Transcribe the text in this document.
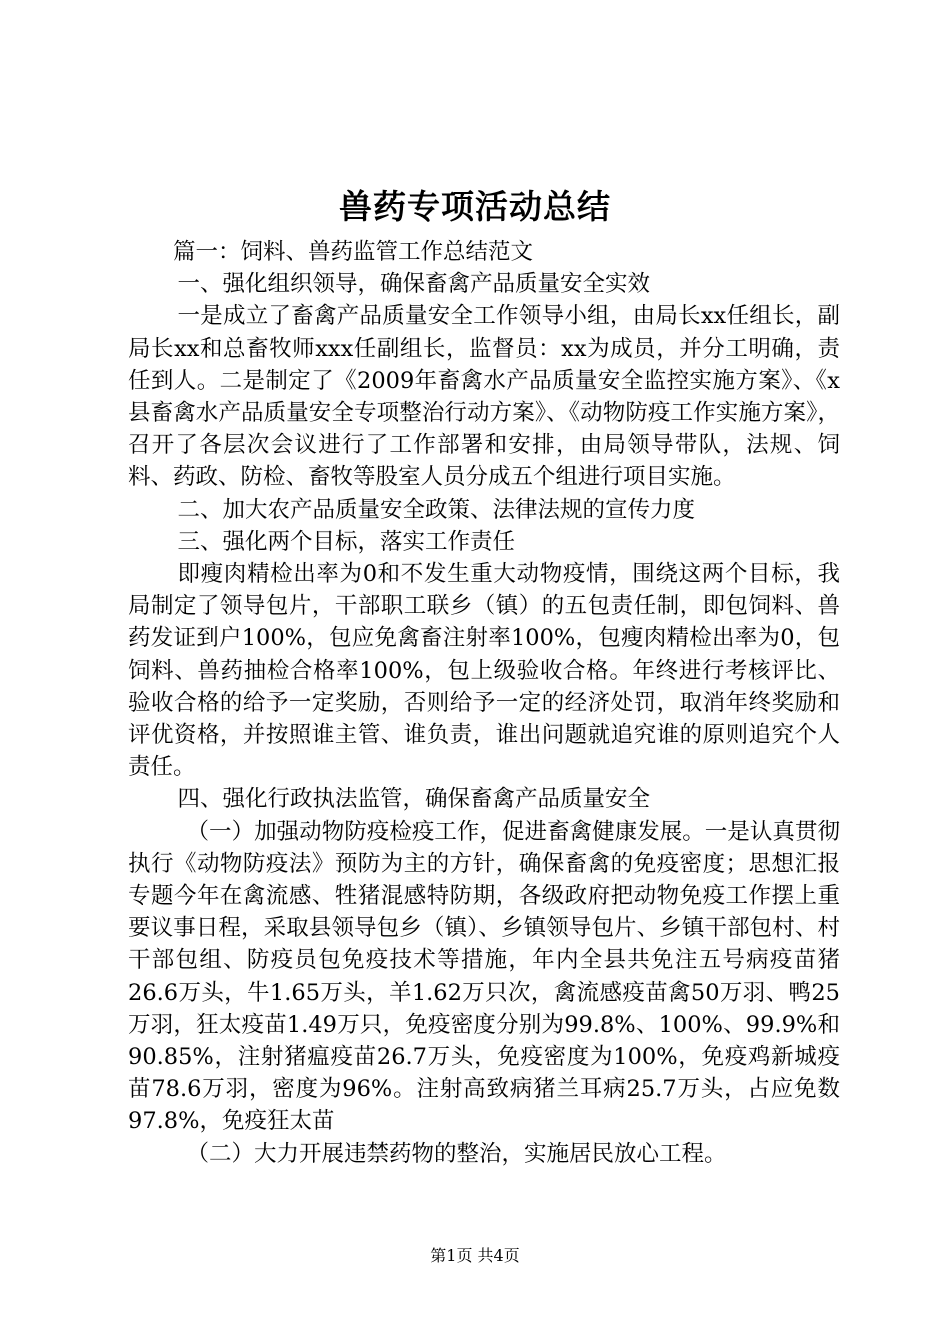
兽药专项活动总结

篇一：饲料、兽药监管工作总结范文

一、强化组织领导，确保畜禽产品质量安全实效

一是成立了畜禽产品质量安全工作领导小组，由局长xx任组长，副局长xx和总畜牧师xxx任副组长，监督员：xx为成员，并分工明确，责任到人。二是制定了《2009年畜禽水产品质量安全监控实施方案》、《x县畜禽水产品质量安全专项整治行动方案》、《动物防疫工作实施方案》，召开了各层次会议进行了工作部署和安排，由局领导带队，法规、饲料、药政、防检、畜牧等股室人员分成五个组进行项目实施。

二、加大农产品质量安全政策、法律法规的宣传力度

三、强化两个目标，落实工作责任

即瘦肉精检出率为0和不发生重大动物疫情，围绕这两个目标，我局制定了领导包片，干部职工联乡（镇）的五包责任制，即包饲料、兽药发证到户100%，包应免禽畜注射率100%，包瘦肉精检出率为0，包饲料、兽药抽检合格率100%，包上级验收合格。年终进行考核评比、验收合格的给予一定奖励，否则给予一定的经济处罚，取消年终奖励和评优资格，并按照谁主管、谁负责，谁出问题就追究谁的原则追究个人责任。

四、强化行政执法监管，确保畜禽产品质量安全

（一）加强动物防疫检疫工作，促进畜禽健康发展。一是认真贯彻执行《动物防疫法》预防为主的方针，确保畜禽的免疫密度；思想汇报专题今年在禽流感、牲猪混感特防期，各级政府把动物免疫工作摆上重要议事日程，采取县领导包乡（镇）、乡镇领导包片、乡镇干部包村、村干部包组、防疫员包免疫技术等措施，年内全县共免注五号病疫苗猪26.6万头，牛1.65万头，羊1.62万只次，禽流感疫苗禽50万羽、鸭25万羽，狂太疫苗1.49万只，免疫密度分别为99.8%、100%、99.9%和90.85%，注射猪瘟疫苗26.7万头，免疫密度为100%，免疫鸡新城疫苗78.6万羽，密度为96%。注射高致病猪兰耳病25.7万头，占应免数97.8%，免疫狂太苗

（二）大力开展违禁药物的整治，实施居民放心工程。

第1页 共4页
